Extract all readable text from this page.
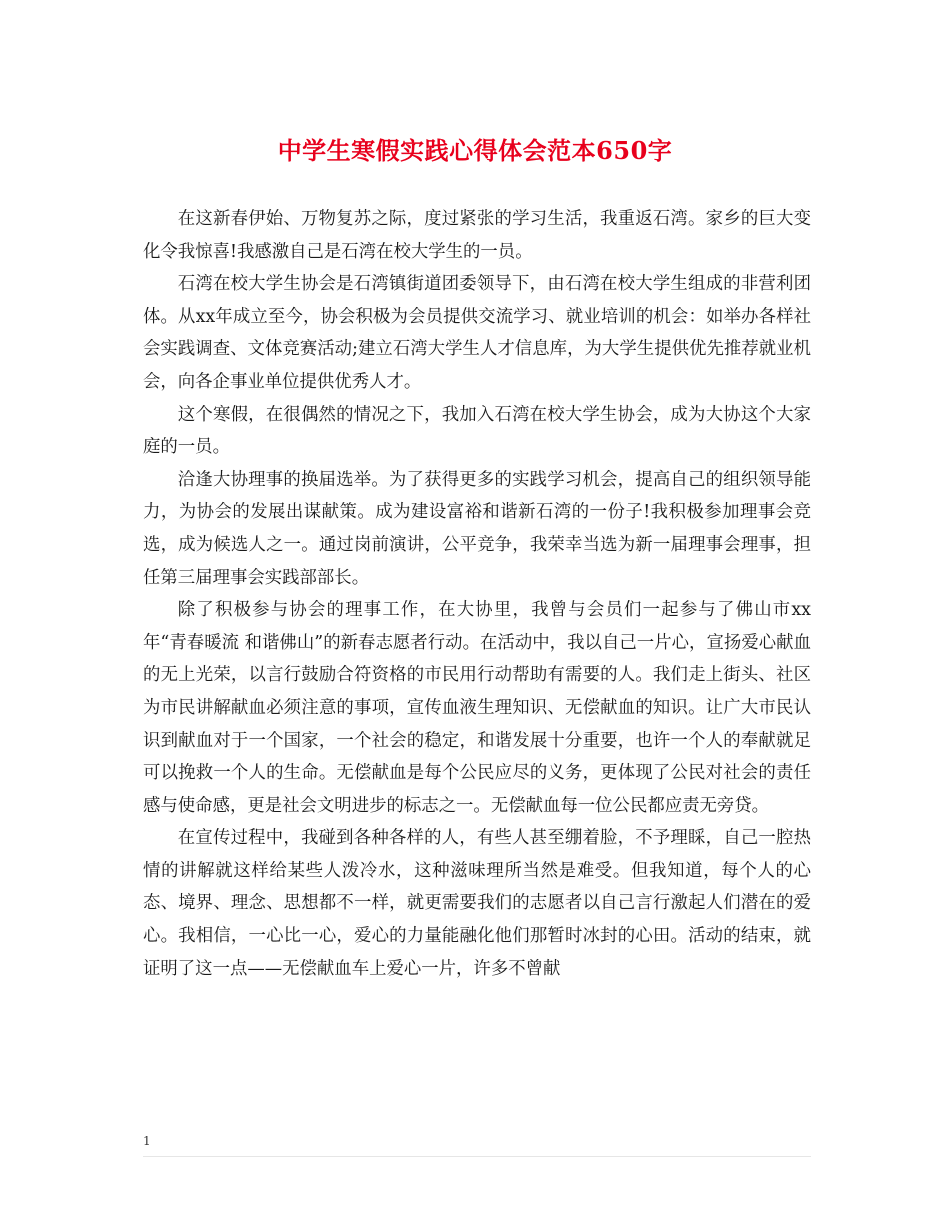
中学生寒假实践心得体会范本650字

在这新春伊始、万物复苏之际，度过紧张的学习生活，我重返石湾。家乡的巨大变化令我惊喜!我感激自己是石湾在校大学生的一员。

石湾在校大学生协会是石湾镇街道团委领导下，由石湾在校大学生组成的非营利团体。从xx年成立至今，协会积极为会员提供交流学习、就业培训的机会：如举办各样社会实践调查、文体竞赛活动;建立石湾大学生人才信息库，为大学生提供优先推荐就业机会，向各企事业单位提供优秀人才。

这个寒假，在很偶然的情况之下，我加入石湾在校大学生协会，成为大协这个大家庭的一员。

洽逢大协理事的换届选举。为了获得更多的实践学习机会，提高自己的组织领导能力，为协会的发展出谋献策。成为建设富裕和谐新石湾的一份子!我积极参加理事会竞选，成为候选人之一。通过岗前演讲，公平竞争，我荣幸当选为新一届理事会理事，担任第三届理事会实践部部长。

除了积极参与协会的理事工作，在大协里，我曾与会员们一起参与了佛山市xx年“青春暖流 和谐佛山”的新春志愿者行动。在活动中，我以自己一片心，宣扬爱心献血的无上光荣，以言行鼓励合符资格的市民用行动帮助有需要的人。我们走上街头、社区为市民讲解献血必须注意的事项，宣传血液生理知识、无偿献血的知识。让广大市民认识到献血对于一个国家，一个社会的稳定，和谐发展十分重要，也许一个人的奉献就足可以挽救一个人的生命。无偿献血是每个公民应尽的义务，更体现了公民对社会的责任感与使命感，更是社会文明进步的标志之一。无偿献血每一位公民都应责无旁贷。

在宣传过程中，我碰到各种各样的人，有些人甚至绷着脸，不予理睬，自己一腔热情的讲解就这样给某些人泼冷水，这种滋味理所当然是难受。但我知道，每个人的心态、境界、理念、思想都不一样，就更需要我们的志愿者以自己言行激起人们潜在的爱心。我相信，一心比一心，爱心的力量能融化他们那暂时冰封的心田。活动的结束，就证明了这一点——无偿献血车上爱心一片，许多不曾献

1
